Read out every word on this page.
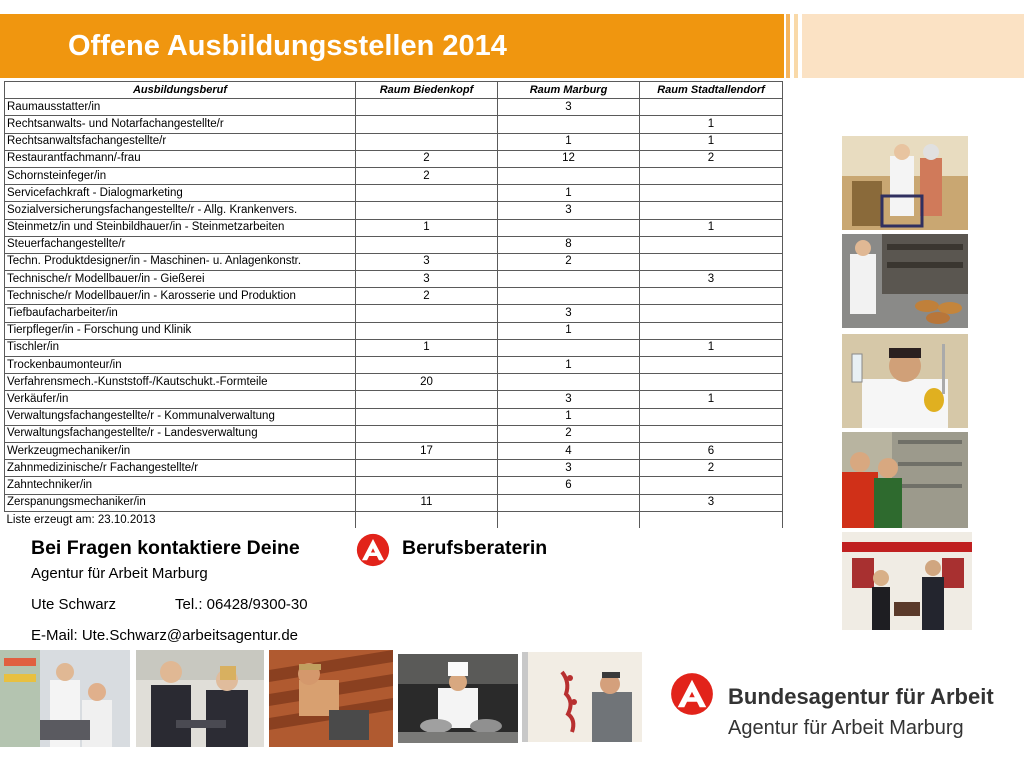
Offene Ausbildungsstellen 2014
Ausbildungsberuf	Raum Biedenkopf	Raum Marburg	Raum Stadtallendorf
Raumausstatter/in		3	
Rechtsanwalts- und Notarfachangestellte/r			1
Rechtsanwaltsfachangestellte/r		1	1
Restaurantfachmann/-frau	2	12	2
Schornsteinfeger/in	2		
Servicefachkraft - Dialogmarketing		1	
Sozialversicherungsfachangestellte/r - Allg. Krankenvers.		3	
Steinmetz/in und Steinbildhauer/in - Steinmetzarbeiten	1		1
Steuerfachangestellte/r		8	
Techn. Produktdesigner/in - Maschinen- u. Anlagenkonstr.	3	2	
Technische/r Modellbauer/in - Gießerei	3		3
Technische/r Modellbauer/in - Karosserie und Produktion	2		
Tiefbaufacharbeiter/in		3	
Tierpfleger/in - Forschung und Klinik		1	
Tischler/in	1		1
Trockenbaumonteur/in		1	
Verfahrensmech.-Kunststoff-/Kautschukt.-Formteile	20		
Verkäufer/in		3	1
Verwaltungsfachangestellte/r - Kommunalverwaltung		1	
Verwaltungsfachangestellte/r - Landesverwaltung		2	
Werkzeugmechaniker/in	17	4	6
Zahnmedizinische/r Fachangestellte/r		3	2
Zahntechniker/in		6	
Zerspanungsmechaniker/in	11		3
Liste erzeugt am: 23.10.2013			
Bei Fragen kontaktiere Deine	Berufsberaterin
Agentur für Arbeit Marburg
Ute Schwarz	Tel.: 06428/9300-30
E-Mail: Ute.Schwarz@arbeitsagentur.de
Bundesagentur für Arbeit
Agentur für Arbeit Marburg
